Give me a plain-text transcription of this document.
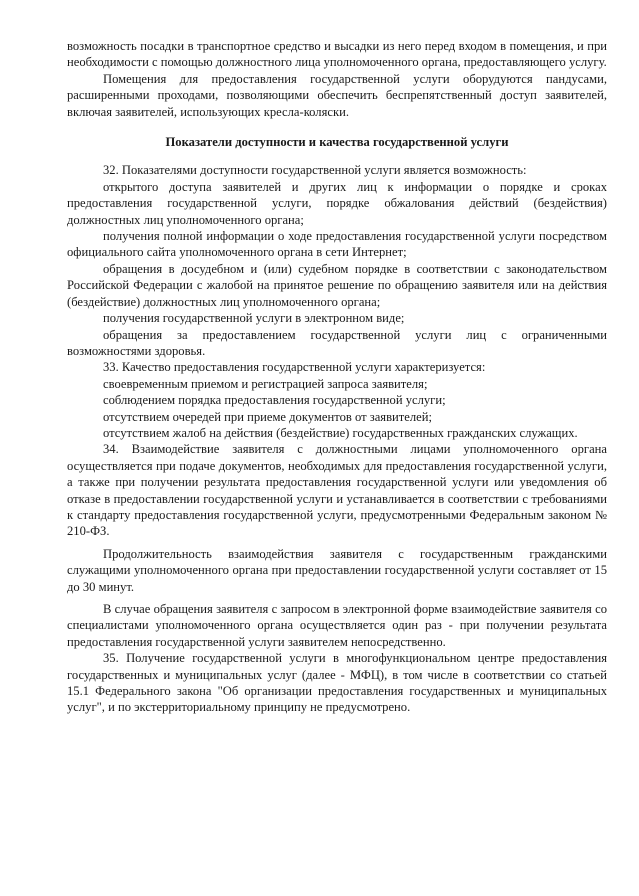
возможность посадки в транспортное средство и высадки из него перед входом в помещения, и при необходимости с помощью должностного лица уполномоченного органа, предоставляющего услугу.

Помещения для предоставления государственной услуги оборудуются пандусами, расширенными проходами, позволяющими обеспечить беспрепятственный доступ заявителей, включая заявителей, использующих кресла-коляски.

Показатели доступности и качества государственной услуги

32. Показателями доступности государственной услуги является возможность:

открытого доступа заявителей и других лиц к информации о порядке и сроках предоставления государственной услуги, порядке обжалования действий (бездействия) должностных лиц уполномоченного органа;

получения полной информации о ходе предоставления государственной услуги посредством официального сайта уполномоченного органа в сети Интернет;

обращения в досудебном и (или) судебном порядке в соответствии с законодательством Российской Федерации с жалобой на принятое решение по обращению заявителя или на действия (бездействие) должностных лиц уполномоченного органа;

получения государственной услуги в электронном виде;

обращения за предоставлением государственной услуги лиц с ограниченными возможностями здоровья.

33. Качество предоставления государственной услуги характеризуется:

своевременным приемом и регистрацией запроса заявителя;

соблюдением порядка предоставления государственной услуги;

отсутствием очередей при приеме документов от заявителей;

отсутствием жалоб на действия (бездействие) государственных гражданских служащих.

34. Взаимодействие заявителя с должностными лицами уполномоченного органа осуществляется при подаче документов, необходимых для предоставления государственной услуги, а также при получении результата предоставления государственной услуги или уведомления об отказе в предоставлении государственной услуги и устанавливается в соответствии с требованиями к стандарту предоставления государственной услуги, предусмотренными Федеральным законом № 210-ФЗ.

Продолжительность взаимодействия заявителя с государственным гражданскими служащими уполномоченного органа при предоставлении государственной услуги составляет от 15 до 30 минут.

В случае обращения заявителя с запросом в электронной форме взаимодействие заявителя со специалистами уполномоченного органа осуществляется один раз - при получении результата предоставления государственной услуги заявителем непосредственно.

35. Получение государственной услуги в многофункциональном центре предоставления государственных и муниципальных услуг (далее - МФЦ), в том числе в соответствии со статьей 15.1 Федерального закона "Об организации предоставления государственных и муниципальных услуг", и по экстерриториальному принципу не предусмотрено.
